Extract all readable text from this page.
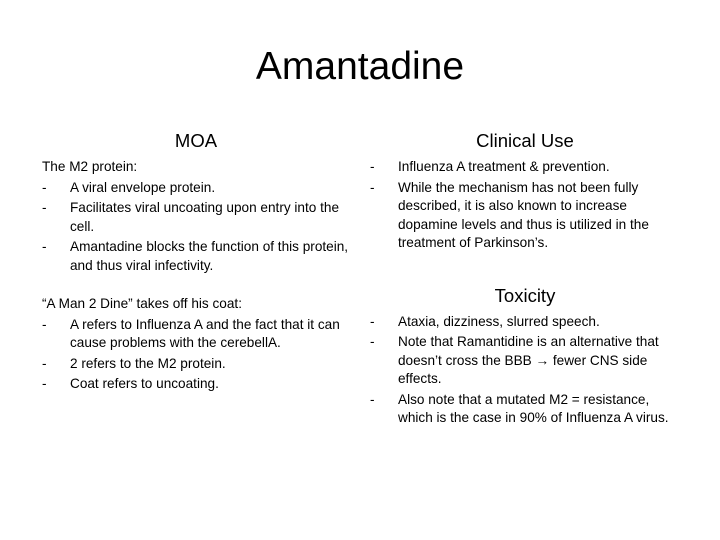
Amantadine
MOA
The M2 protein:
- A viral envelope protein.
- Facilitates viral uncoating upon entry into the cell.
- Amantadine blocks the function of this protein, and thus viral infectivity.
“A Man 2 Dine” takes off his coat:
- A refers to Influenza A and the fact that it can cause problems with the cerebellA.
- 2 refers to the M2 protein.
- Coat refers to uncoating.
Clinical Use
- Influenza A treatment & prevention.
- While the mechanism has not been fully described, it is also known to increase dopamine levels and thus is utilized in the treatment of Parkinson’s.
Toxicity
- Ataxia, dizziness, slurred speech.
- Note that Ramantidine is an alternative that doesn’t cross the BBB → fewer CNS side effects.
- Also note that a mutated M2 = resistance, which is the case in 90% of Influenza A virus.
